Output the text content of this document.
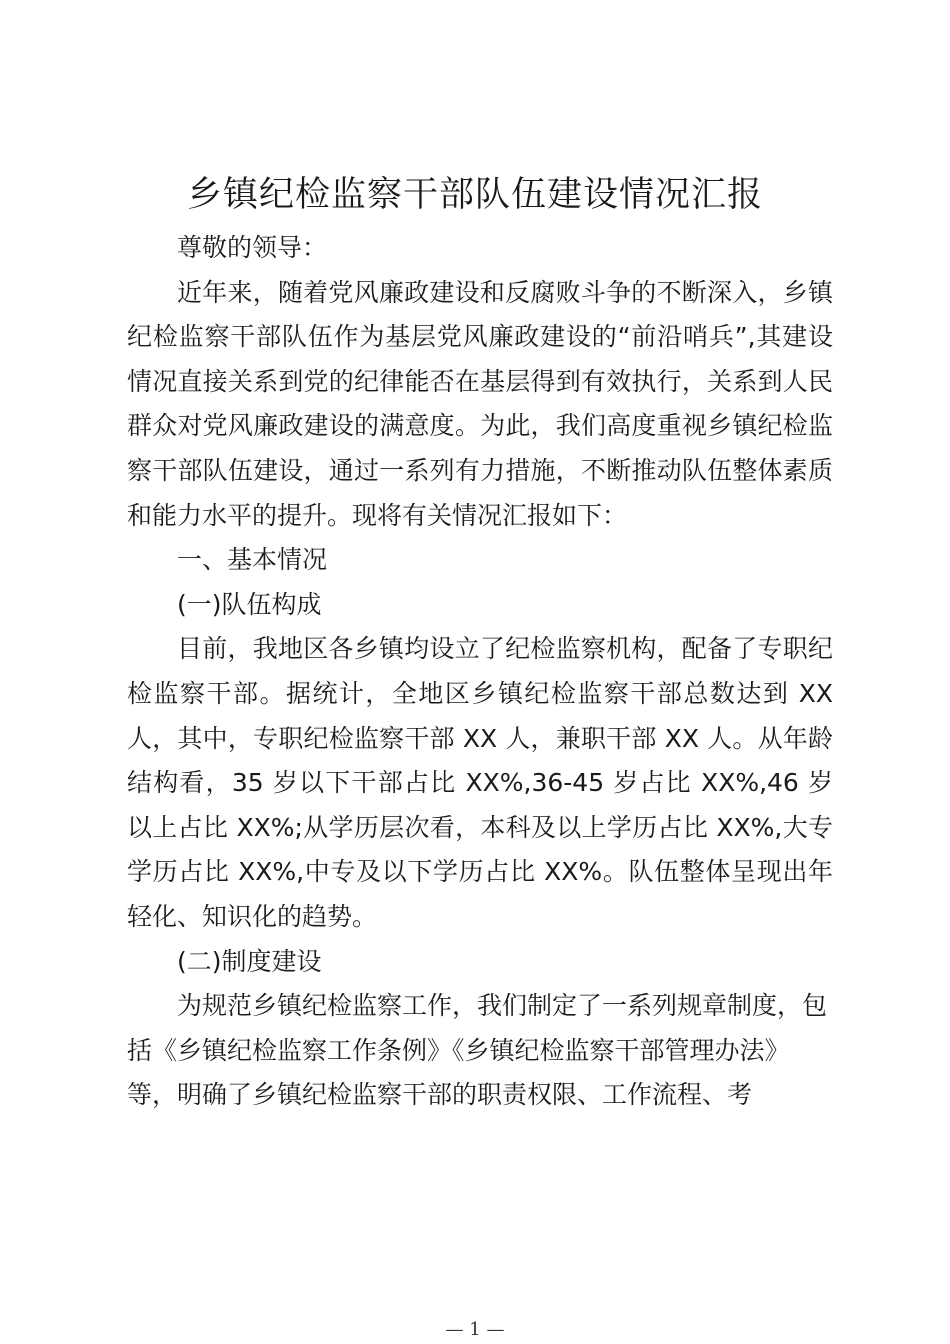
乡镇纪检监察干部队伍建设情况汇报

尊敬的领导：

近年来，随着党风廉政建设和反腐败斗争的不断深入，乡镇纪检监察干部队伍作为基层党风廉政建设的“前沿哨兵”,其建设情况直接关系到党的纪律能否在基层得到有效执行，关系到人民群众对党风廉政建设的满意度。为此，我们高度重视乡镇纪检监察干部队伍建设，通过一系列有力措施，不断推动队伍整体素质和能力水平的提升。现将有关情况汇报如下：

一、基本情况

(一)队伍构成

目前，我地区各乡镇均设立了纪检监察机构，配备了专职纪检监察干部。据统计，全地区乡镇纪检监察干部总数达到 XX 人，其中，专职纪检监察干部 XX 人，兼职干部 XX 人。从年龄结构看，35 岁以下干部占比 XX%,36-45 岁占比 XX%,46 岁以上占比 XX%;从学历层次看，本科及以上学历占比 XX%,大专学历占比 XX%,中专及以下学历占比 XX%。队伍整体呈现出年轻化、知识化的趋势。

(二)制度建设

为规范乡镇纪检监察工作，我们制定了一系列规章制度，包括《乡镇纪检监察工作条例》《乡镇纪检监察干部管理办法》等，明确了乡镇纪检监察干部的职责权限、工作流程、考

— 1 —
